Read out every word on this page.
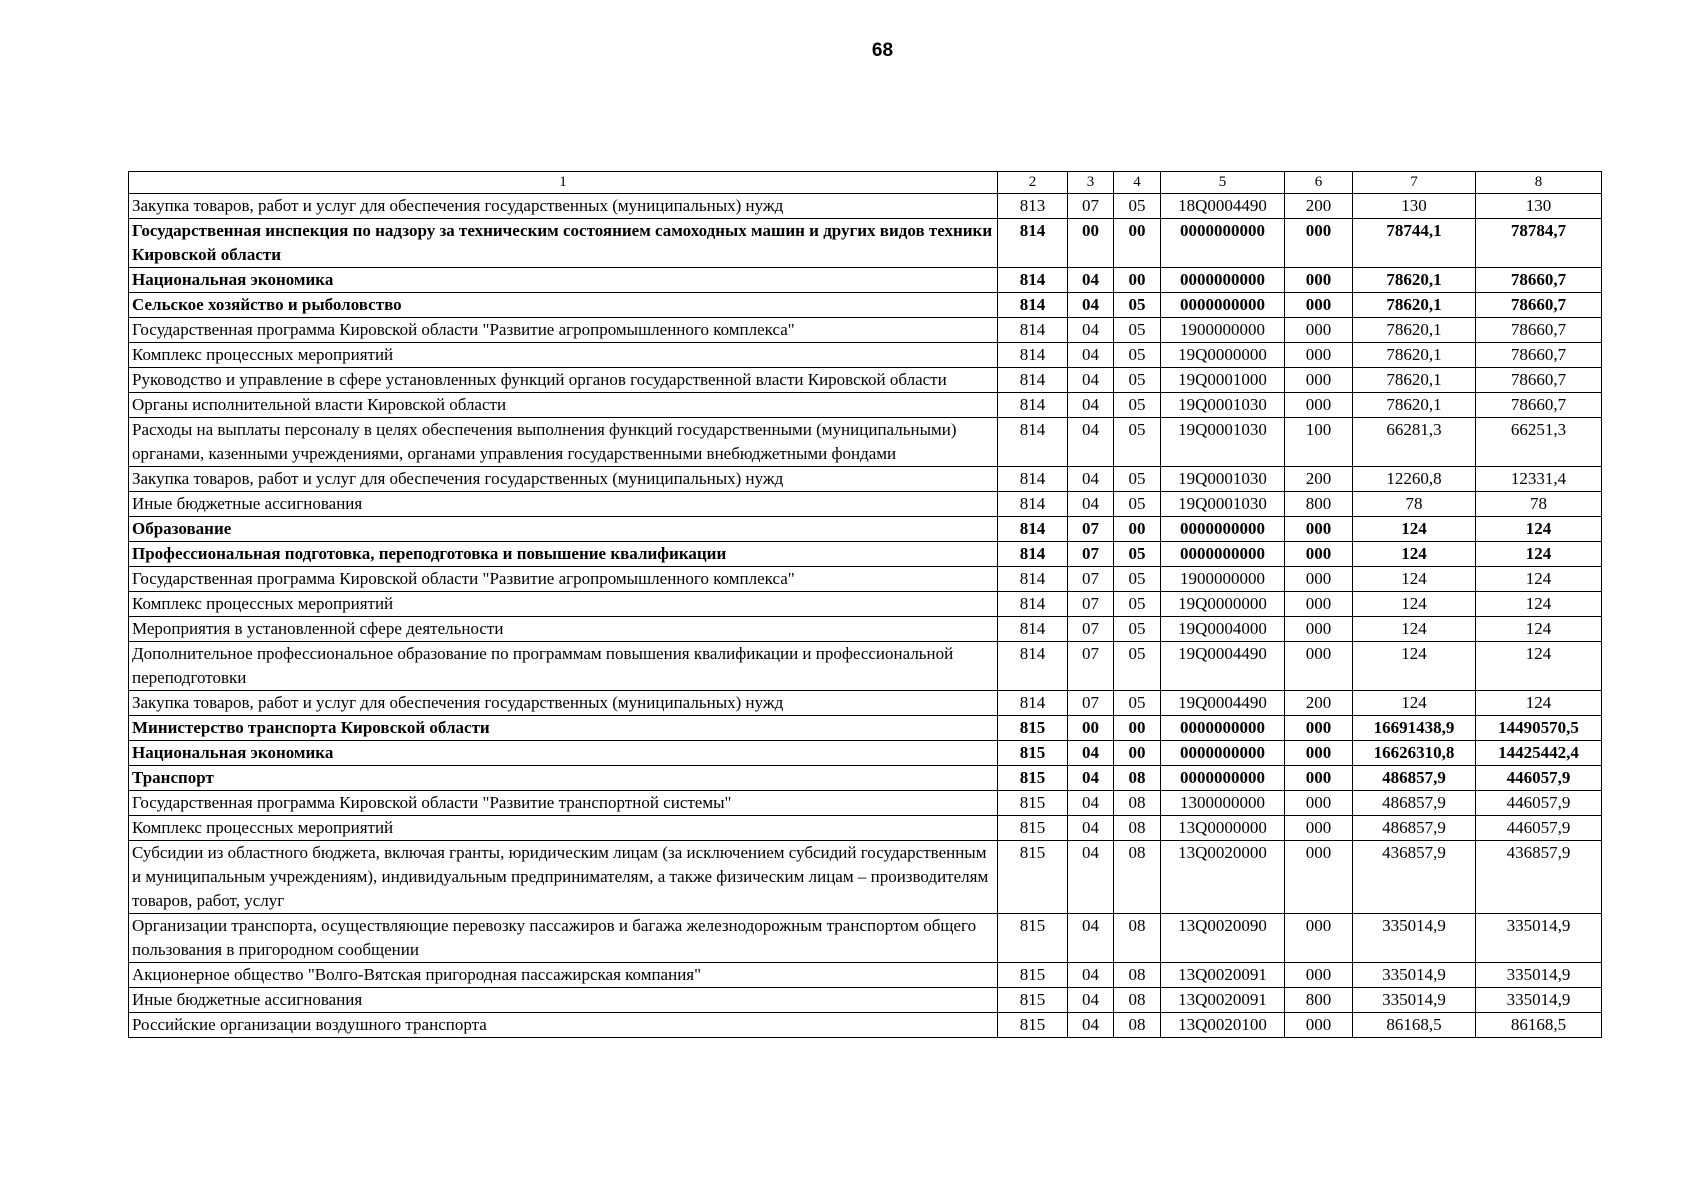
68
1	2	3	4	5	6	7	8
Закупка товаров, работ и услуг для обеспечения государственных (муниципальных) нужд	813	07	05	18Q0004490	200	130	130
Государственная инспекция по надзору за техническим состоянием самоходных машин и других видов техники Кировской области	814	00	00	0000000000	000	78744,1	78784,7
Национальная экономика	814	04	00	0000000000	000	78620,1	78660,7
Сельское хозяйство и рыболовство	814	04	05	0000000000	000	78620,1	78660,7
Государственная программа Кировской области "Развитие агропромышленного комплекса"	814	04	05	1900000000	000	78620,1	78660,7
Комплекс процессных мероприятий	814	04	05	19Q0000000	000	78620,1	78660,7
Руководство и управление в сфере установленных функций органов государственной власти Кировской области	814	04	05	19Q0001000	000	78620,1	78660,7
Органы исполнительной власти Кировской области	814	04	05	19Q0001030	000	78620,1	78660,7
Расходы на выплаты персоналу в целях обеспечения выполнения функций государственными (муниципальными) органами, казенными учреждениями, органами управления государственными внебюджетными фондами	814	04	05	19Q0001030	100	66281,3	66251,3
Закупка товаров, работ и услуг для обеспечения государственных (муниципальных) нужд	814	04	05	19Q0001030	200	12260,8	12331,4
Иные бюджетные ассигнования	814	04	05	19Q0001030	800	78	78
Образование	814	07	00	0000000000	000	124	124
Профессиональная подготовка, переподготовка и повышение квалификации	814	07	05	0000000000	000	124	124
Государственная программа Кировской области "Развитие агропромышленного комплекса"	814	07	05	1900000000	000	124	124
Комплекс процессных мероприятий	814	07	05	19Q0000000	000	124	124
Мероприятия в установленной сфере деятельности	814	07	05	19Q0004000	000	124	124
Дополнительное профессиональное образование по программам повышения квалификации и профессиональной переподготовки	814	07	05	19Q0004490	000	124	124
Закупка товаров, работ и услуг для обеспечения государственных (муниципальных) нужд	814	07	05	19Q0004490	200	124	124
Министерство транспорта Кировской области	815	00	00	0000000000	000	16691438,9	14490570,5
Национальная экономика	815	04	00	0000000000	000	16626310,8	14425442,4
Транспорт	815	04	08	0000000000	000	486857,9	446057,9
Государственная программа Кировской области "Развитие транспортной системы"	815	04	08	1300000000	000	486857,9	446057,9
Комплекс процессных мероприятий	815	04	08	13Q0000000	000	486857,9	446057,9
Субсидии из областного бюджета, включая гранты, юридическим лицам (за исключением субсидий государственным и муниципальным учреждениям), индивидуальным предпринимателям, а также физическим лицам – производителям товаров, работ, услуг	815	04	08	13Q0020000	000	436857,9	436857,9
Организации транспорта, осуществляющие перевозку пассажиров и багажа железнодорожным транспортом общего пользования в пригородном сообщении	815	04	08	13Q0020090	000	335014,9	335014,9
Акционерное общество "Волго-Вятская пригородная пассажирская компания"	815	04	08	13Q0020091	000	335014,9	335014,9
Иные бюджетные ассигнования	815	04	08	13Q0020091	800	335014,9	335014,9
Российские организации воздушного транспорта	815	04	08	13Q0020100	000	86168,5	86168,5
